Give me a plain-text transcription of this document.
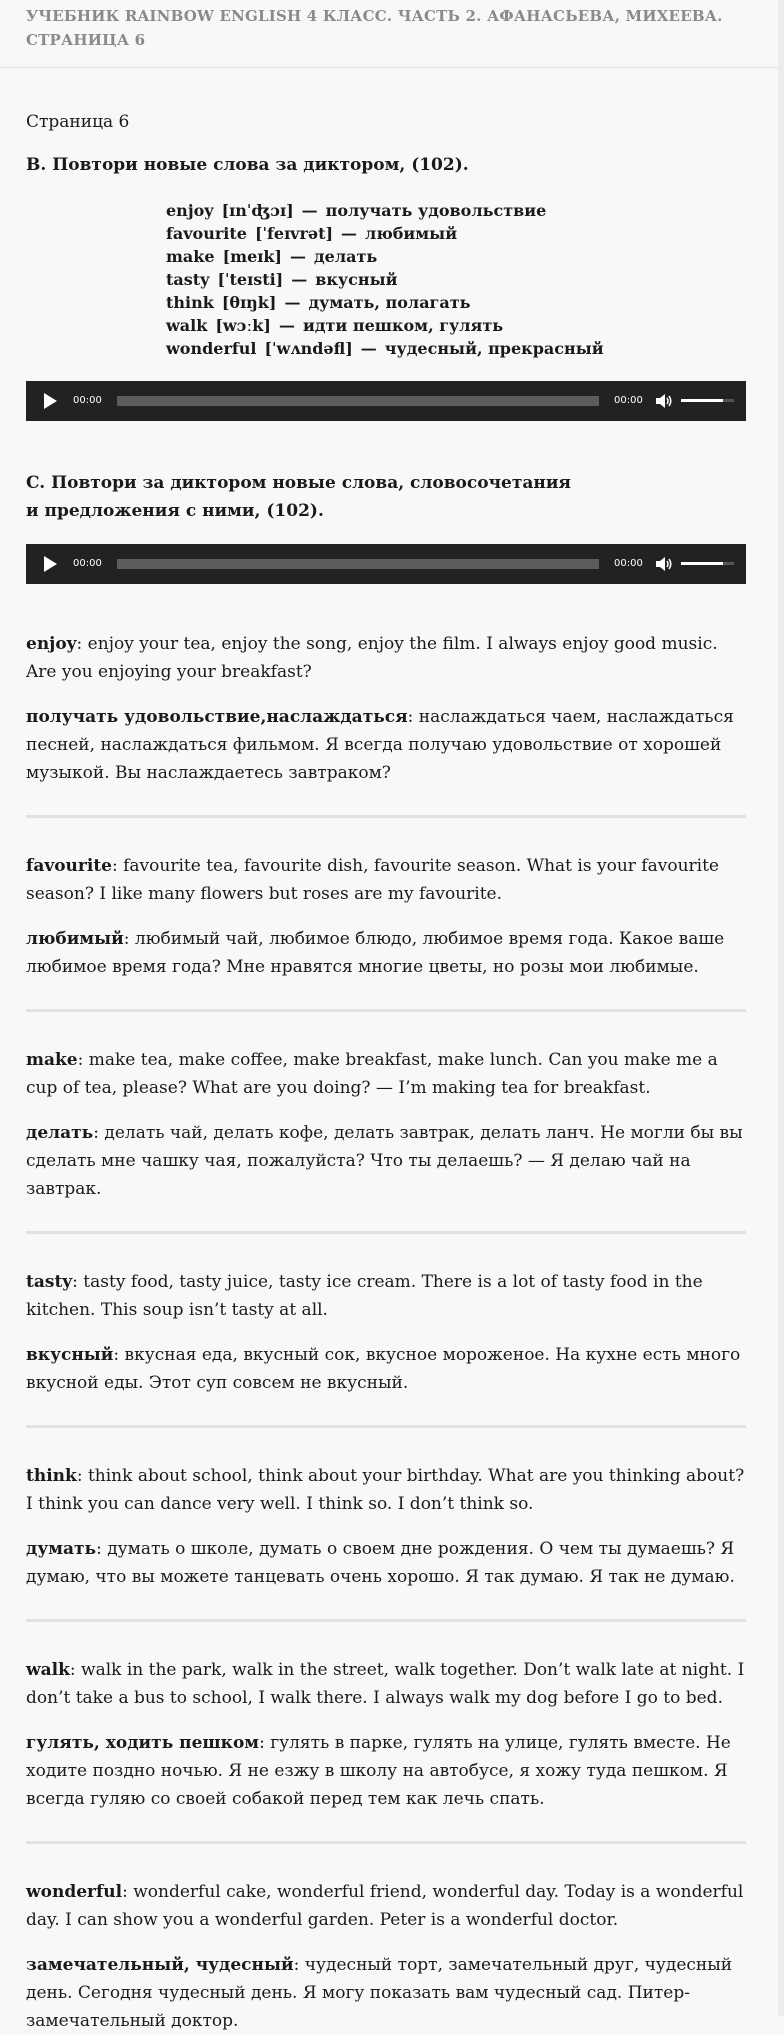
УЧЕБНИК RAINBOW ENGLISH 4 КЛАСС. ЧАСТЬ 2. АФАНАСЬЕВА, МИХЕЕВА. СТРАНИЦА 6
Страница 6
B. Повтори новые слова за диктором, (102).
enjoy [ɪnˈʤɔɪ] — получать удовольствие
favourite [ˈfeɪvrət] — любимый
make [meɪk] — делать
tasty [ˈteɪsti] — вкусный
think [θɪŋk] — думать, полагать
walk [wɔːk] — идти пешком, гулять
wonderful [ˈwʌndəfl] — чудесный, прекрасный
00:00	00:00
C. Повтори за диктором новые слова, словосочетания и предложения с ними, (102).
00:00	00:00

enjoy: enjoy your tea, enjoy the song, enjoy the film. I always enjoy good music. Are you enjoying your breakfast?

получать удовольствие,наслаждаться: наслаждаться чаем, наслаждаться песней, наслаждаться фильмом. Я всегда получаю удовольствие от хорошей музыкой. Вы наслаждаетесь завтраком?

favourite: favourite tea, favourite dish, favourite season. What is your favourite season? I like many flowers but roses are my favourite.

любимый: любимый чай, любимое блюдо, любимое время года. Какое ваше любимое время года? Мне нравятся многие цветы, но розы мои любимые.

make: make tea, make coffee, make breakfast, make lunch. Can you make me a cup of tea, please? What are you doing? — I’m making tea for breakfast.

делать: делать чай, делать кофе, делать завтрак, делать ланч. Не могли бы вы сделать мне чашку чая, пожалуйста? Что ты делаешь? — Я делаю чай на завтрак.

tasty: tasty food, tasty juice, tasty ice cream. There is a lot of tasty food in the kitchen. This soup isn’t tasty at all.

вкусный: вкусная еда, вкусный сок, вкусное мороженое. На кухне есть много вкусной еды. Этот суп совсем не вкусный.

think: think about school, think about your birthday. What are you thinking about? I think you can dance very well. I think so. I don’t think so.

думать: думать о школе, думать о своем дне рождения. О чем ты думаешь? Я думаю, что вы можете танцевать очень хорошо. Я так думаю. Я так не думаю.

walk: walk in the park, walk in the street, walk together. Don’t walk late at night. I don’t take a bus to school, I walk there. I always walk my dog before I go to bed.

гулять, ходить пешком: гулять в парке, гулять на улице, гулять вместе. Не ходите поздно ночью. Я не езжу в школу на автобусе, я хожу туда пешком. Я всегда гуляю со своей собакой перед тем как лечь спать.

wonderful: wonderful cake, wonderful friend, wonderful day. Today is a wonderful day. I can show you a wonderful garden. Peter is a wonderful doctor.

замечательный, чудесный: чудесный торт, замечательный друг, чудесный день. Сегодня чудесный день. Я могу показать вам чудесный сад. Питер-замечательный доктор.
